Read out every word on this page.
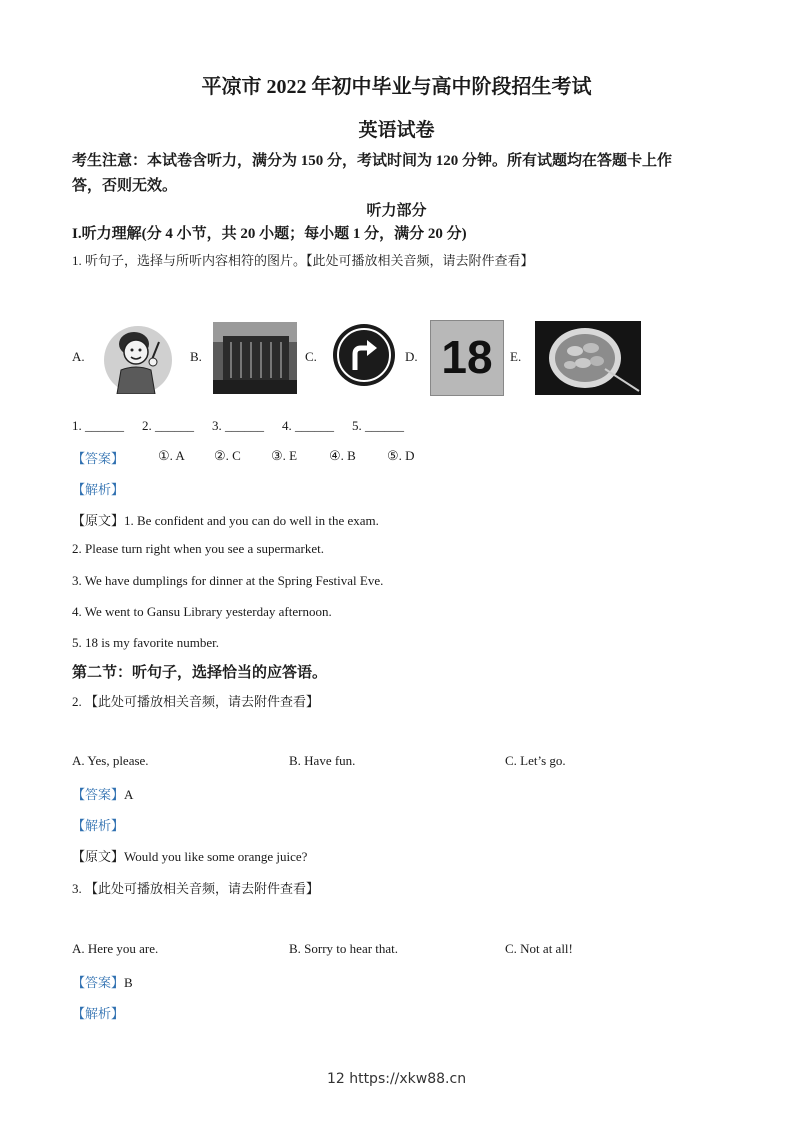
平凉市 2022 年初中毕业与高中阶段招生考试
英语试卷
考生注意：本试卷含听力，满分为 150 分，考试时间为 120 分钟。所有试题均在答题卡上作
答，否则无效。
听力部分
I.听力理解(分 4 小节，共 20 小题；每小题 1 分，满分 20 分)
1. 听句子，选择与所听内容相符的图片。【此处可播放相关音频，请去附件查看】
A.	B.	C.	D. 18	E.
1. ______ 2. ______ 3. ______ 4. ______ 5. ______
【答案】	①. A ②. C ③. E ④. B ⑤. D
【解析】
【原文】1. Be confident and you can do well in the exam.
2. Please turn right when you see a supermarket.
3. We have dumplings for dinner at the Spring Festival Eve.
4. We went to Gansu Library yesterday afternoon.
5. 18 is my favorite number.
第二节：听句子，选择恰当的应答语。
2. 【此处可播放相关音频，请去附件查看】
A. Yes, please.	B. Have fun.	C. Let’s go.
【答案】A
【解析】
【原文】Would you like some orange juice?
3. 【此处可播放相关音频，请去附件查看】
A. Here you are.	B. Sorry to hear that.	C. Not at all!
【答案】B
【解析】
12 https://xkw88.cn
